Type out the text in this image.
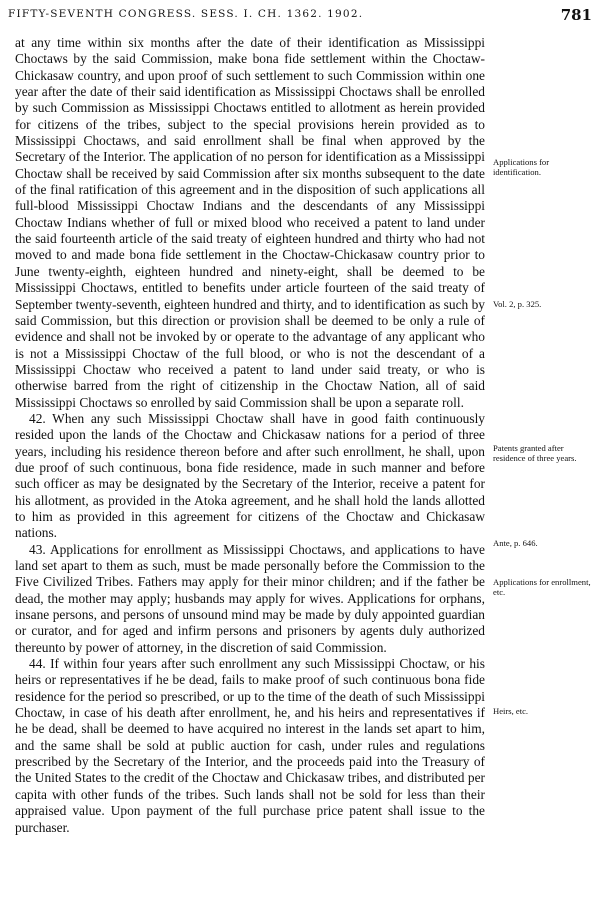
FIFTY-SEVENTH CONGRESS. SESS. I. CH. 1362. 1902.	781

at any time within six months after the date of their identification as Mississippi Choctaws by the said Commission, make bona fide settlement within the Choctaw-Chickasaw country, and upon proof of such settlement to such Commission within one year after the date of their said identification as Mississippi Choctaws shall be enrolled by such Commission as Mississippi Choctaws entitled to allotment as herein provided for citizens of the tribes, subject to the special provisions herein provided as to Mississippi Choctaws, and said enrollment shall be final when approved by the Secretary of the Interior. The application of no person for identification as a Mississippi Choctaw shall be received by said Commission after six months subsequent to the date of the final ratification of this agreement and in the disposition of such applications all full-blood Mississippi Choctaw Indians and the descendants of any Mississippi Choctaw Indians whether of full or mixed blood who received a patent to land under the said fourteenth article of the said treaty of eighteen hundred and thirty who had not moved to and made bona fide settlement in the Choctaw-Chickasaw country prior to June twenty-eighth, eighteen hundred and ninety-eight, shall be deemed to be Mississippi Choctaws, entitled to benefits under article fourteen of the said treaty of September twenty-seventh, eighteen hundred and thirty, and to identification as such by said Commission, but this direction or provision shall be deemed to be only a rule of evidence and shall not be invoked by or operate to the advantage of any applicant who is not a Mississippi Choctaw of the full blood, or who is not the descendant of a Mississippi Choctaw who received a patent to land under said treaty, or who is otherwise barred from the right of citizenship in the Choctaw Nation, all of said Mississippi Choctaws so enrolled by said Commission shall be upon a separate roll.

42. When any such Mississippi Choctaw shall have in good faith continuously resided upon the lands of the Choctaw and Chickasaw nations for a period of three years, including his residence thereon before and after such enrollment, he shall, upon due proof of such continuous, bona fide residence, made in such manner and before such officer as may be designated by the Secretary of the Interior, receive a patent for his allotment, as provided in the Atoka agreement, and he shall hold the lands allotted to him as provided in this agreement for citizens of the Choctaw and Chickasaw nations.

43. Applications for enrollment as Mississippi Choctaws, and applications to have land set apart to them as such, must be made personally before the Commission to the Five Civilized Tribes. Fathers may apply for their minor children; and if the father be dead, the mother may apply; husbands may apply for wives. Applications for orphans, insane persons, and persons of unsound mind may be made by duly appointed guardian or curator, and for aged and infirm persons and prisoners by agents duly authorized thereunto by power of attorney, in the discretion of said Commission.

44. If within four years after such enrollment any such Mississippi Choctaw, or his heirs or representatives if he be dead, fails to make proof of such continuous bona fide residence for the period so prescribed, or up to the time of the death of such Mississippi Choctaw, in case of his death after enrollment, he, and his heirs and representatives if he be dead, shall be deemed to have acquired no interest in the lands set apart to him, and the same shall be sold at public auction for cash, under rules and regulations prescribed by the Secretary of the Interior, and the proceeds paid into the Treasury of the United States to the credit of the Choctaw and Chickasaw tribes, and distributed per capita with other funds of the tribes. Such lands shall not be sold for less than their appraised value. Upon payment of the full purchase price patent shall issue to the purchaser.

Applications for identification.
Vol. 2, p. 325.
Patents granted after residence of three years.
Ante, p. 646.
Applications for enrollment, etc.
Heirs, etc.
